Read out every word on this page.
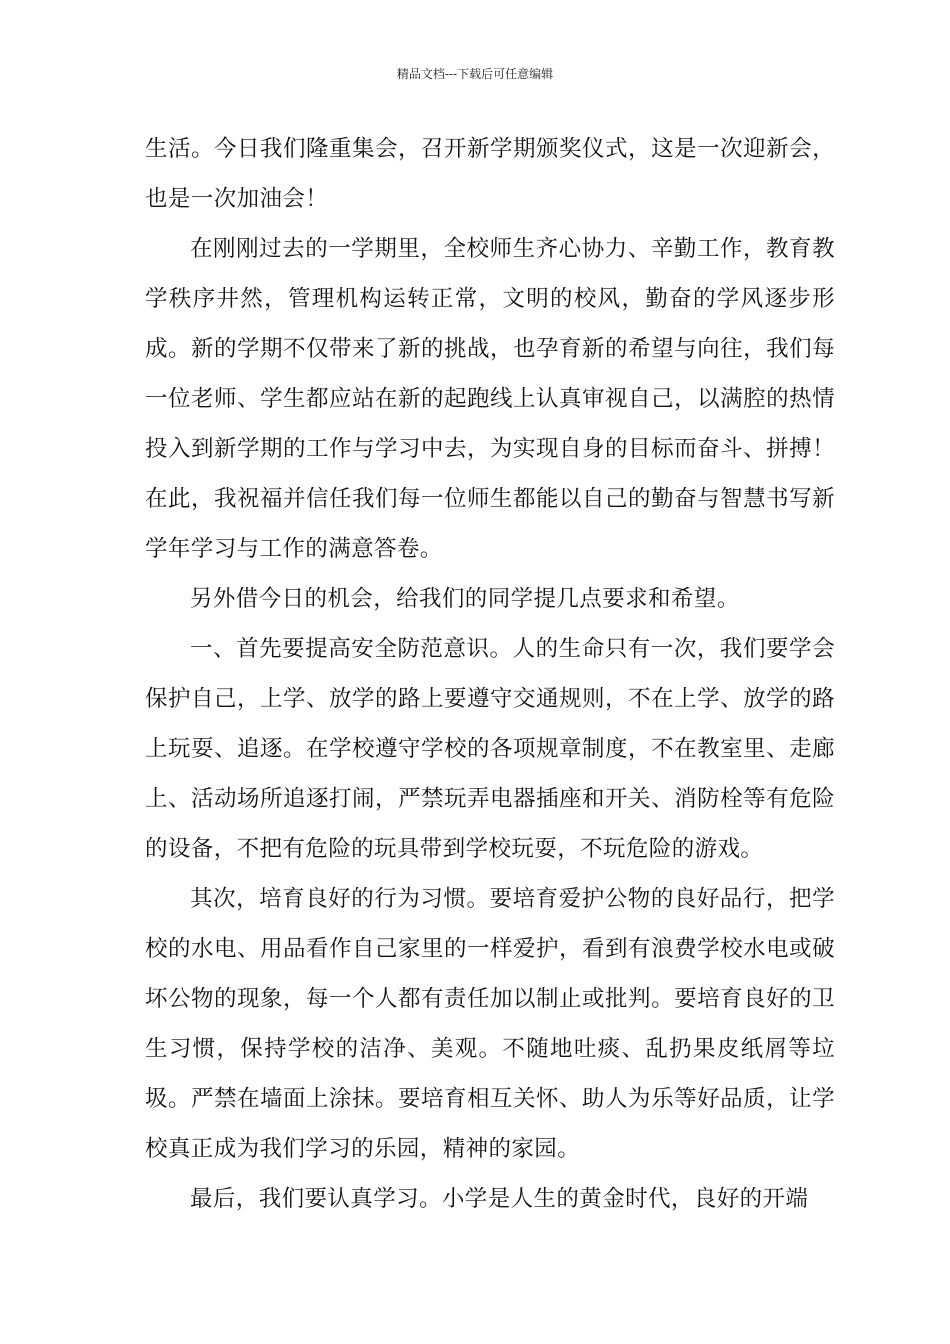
精品文档---下载后可任意编辑

生活。今日我们隆重集会，召开新学期颁奖仪式，这是一次迎新会，也是一次加油会！

在刚刚过去的一学期里，全校师生齐心协力、辛勤工作，教育教学秩序井然，管理机构运转正常，文明的校风，勤奋的学风逐步形成。新的学期不仅带来了新的挑战，也孕育新的希望与向往，我们每一位老师、学生都应站在新的起跑线上认真审视自己，以满腔的热情投入到新学期的工作与学习中去，为实现自身的目标而奋斗、拼搏！在此，我祝福并信任我们每一位师生都能以自己的勤奋与智慧书写新学年学习与工作的满意答卷。

另外借今日的机会，给我们的同学提几点要求和希望。

一、首先要提高安全防范意识。人的生命只有一次，我们要学会保护自己，上学、放学的路上要遵守交通规则，不在上学、放学的路上玩耍、追逐。在学校遵守学校的各项规章制度，不在教室里、走廊上、活动场所追逐打闹，严禁玩弄电器插座和开关、消防栓等有危险的设备，不把有危险的玩具带到学校玩耍，不玩危险的游戏。

其次，培育良好的行为习惯。要培育爱护公物的良好品行，把学校的水电、用品看作自己家里的一样爱护，看到有浪费学校水电或破坏公物的现象，每一个人都有责任加以制止或批判。要培育良好的卫生习惯，保持学校的洁净、美观。不随地吐痰、乱扔果皮纸屑等垃圾。严禁在墙面上涂抹。要培育相互关怀、助人为乐等好品质，让学校真正成为我们学习的乐园，精神的家园。

最后，我们要认真学习。小学是人生的黄金时代，良好的开端
